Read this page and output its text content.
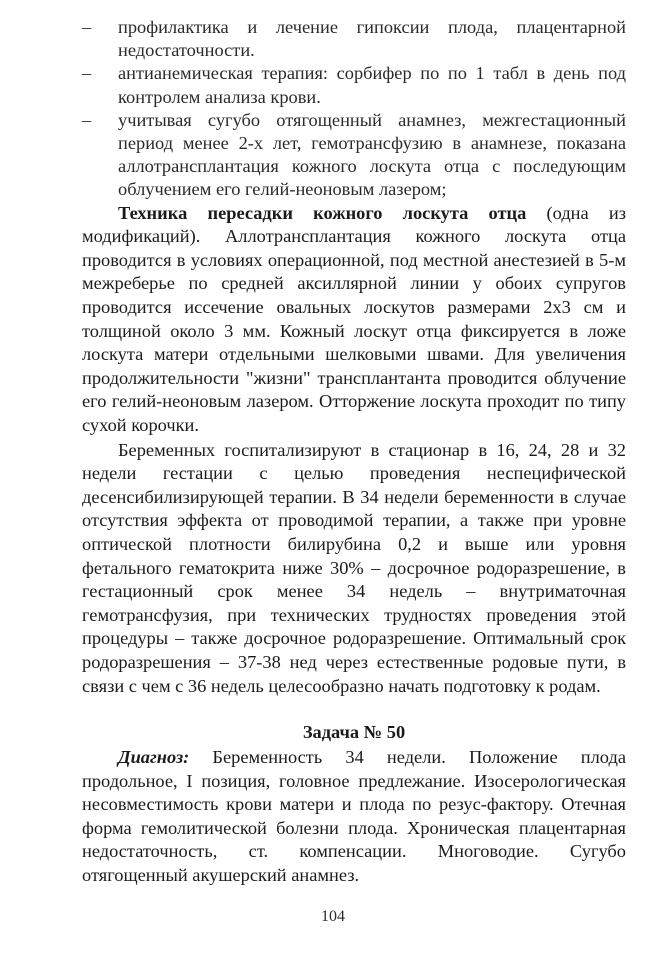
– профилактика и лечение гипоксии плода, плацентарной недостаточности.
– антианемическая терапия: сорбифер по по 1 табл в день под контролем анализа крови.
– учитывая сугубо отягощенный анамнез, межгестационный период менее 2-х лет, гемотрансфузию в анамнезе, показана аллотрансплантация кожного лоскута отца с последующим облучением его гелий-неоновым лазером;

Техника пересадки кожного лоскута отца (одна из модификаций). Аллотрансплантация кожного лоскута отца проводится в условиях операционной, под местной анестезией в 5-м межреберье по средней аксиллярной линии у обоих супругов проводится иссечение овальных лоскутов размерами 2х3 см и толщиной около 3 мм. Кожный лоскут отца фиксируется в ложе лоскута матери отдельными шелковыми швами. Для увеличения продолжительности "жизни" трансплантанта проводится облучение его гелий-неоновым лазером. Отторжение лоскута проходит по типу сухой корочки.

Беременных госпитализируют в стационар в 16, 24, 28 и 32 недели гестации с целью проведения неспецифической десенсибилизирующей терапии. В 34 недели беременности в случае отсутствия эффекта от проводимой терапии, а также при уровне оптической плотности билирубина 0,2 и выше или уровня фетального гематокрита ниже 30% – досрочное родоразрешение, в гестационный срок менее 34 недель – внутриматочная гемотрансфузия, при технических трудностях проведения этой процедуры – также досрочное родоразрешение. Оптимальный срок родоразрешения – 37-38 нед через естественные родовые пути, в связи с чем с 36 недель целесообразно начать подготовку к родам.

Задача № 50

Диагноз: Беременность 34 недели. Положение плода продольное, I позиция, головное предлежание. Изосерологическая несовместимость крови матери и плода по резус-фактору. Отечная форма гемолитической болезни плода. Хроническая плацентарная недостаточность, ст. компенсации. Многоводие. Сугубо отягощенный акушерский анамнез.

104
